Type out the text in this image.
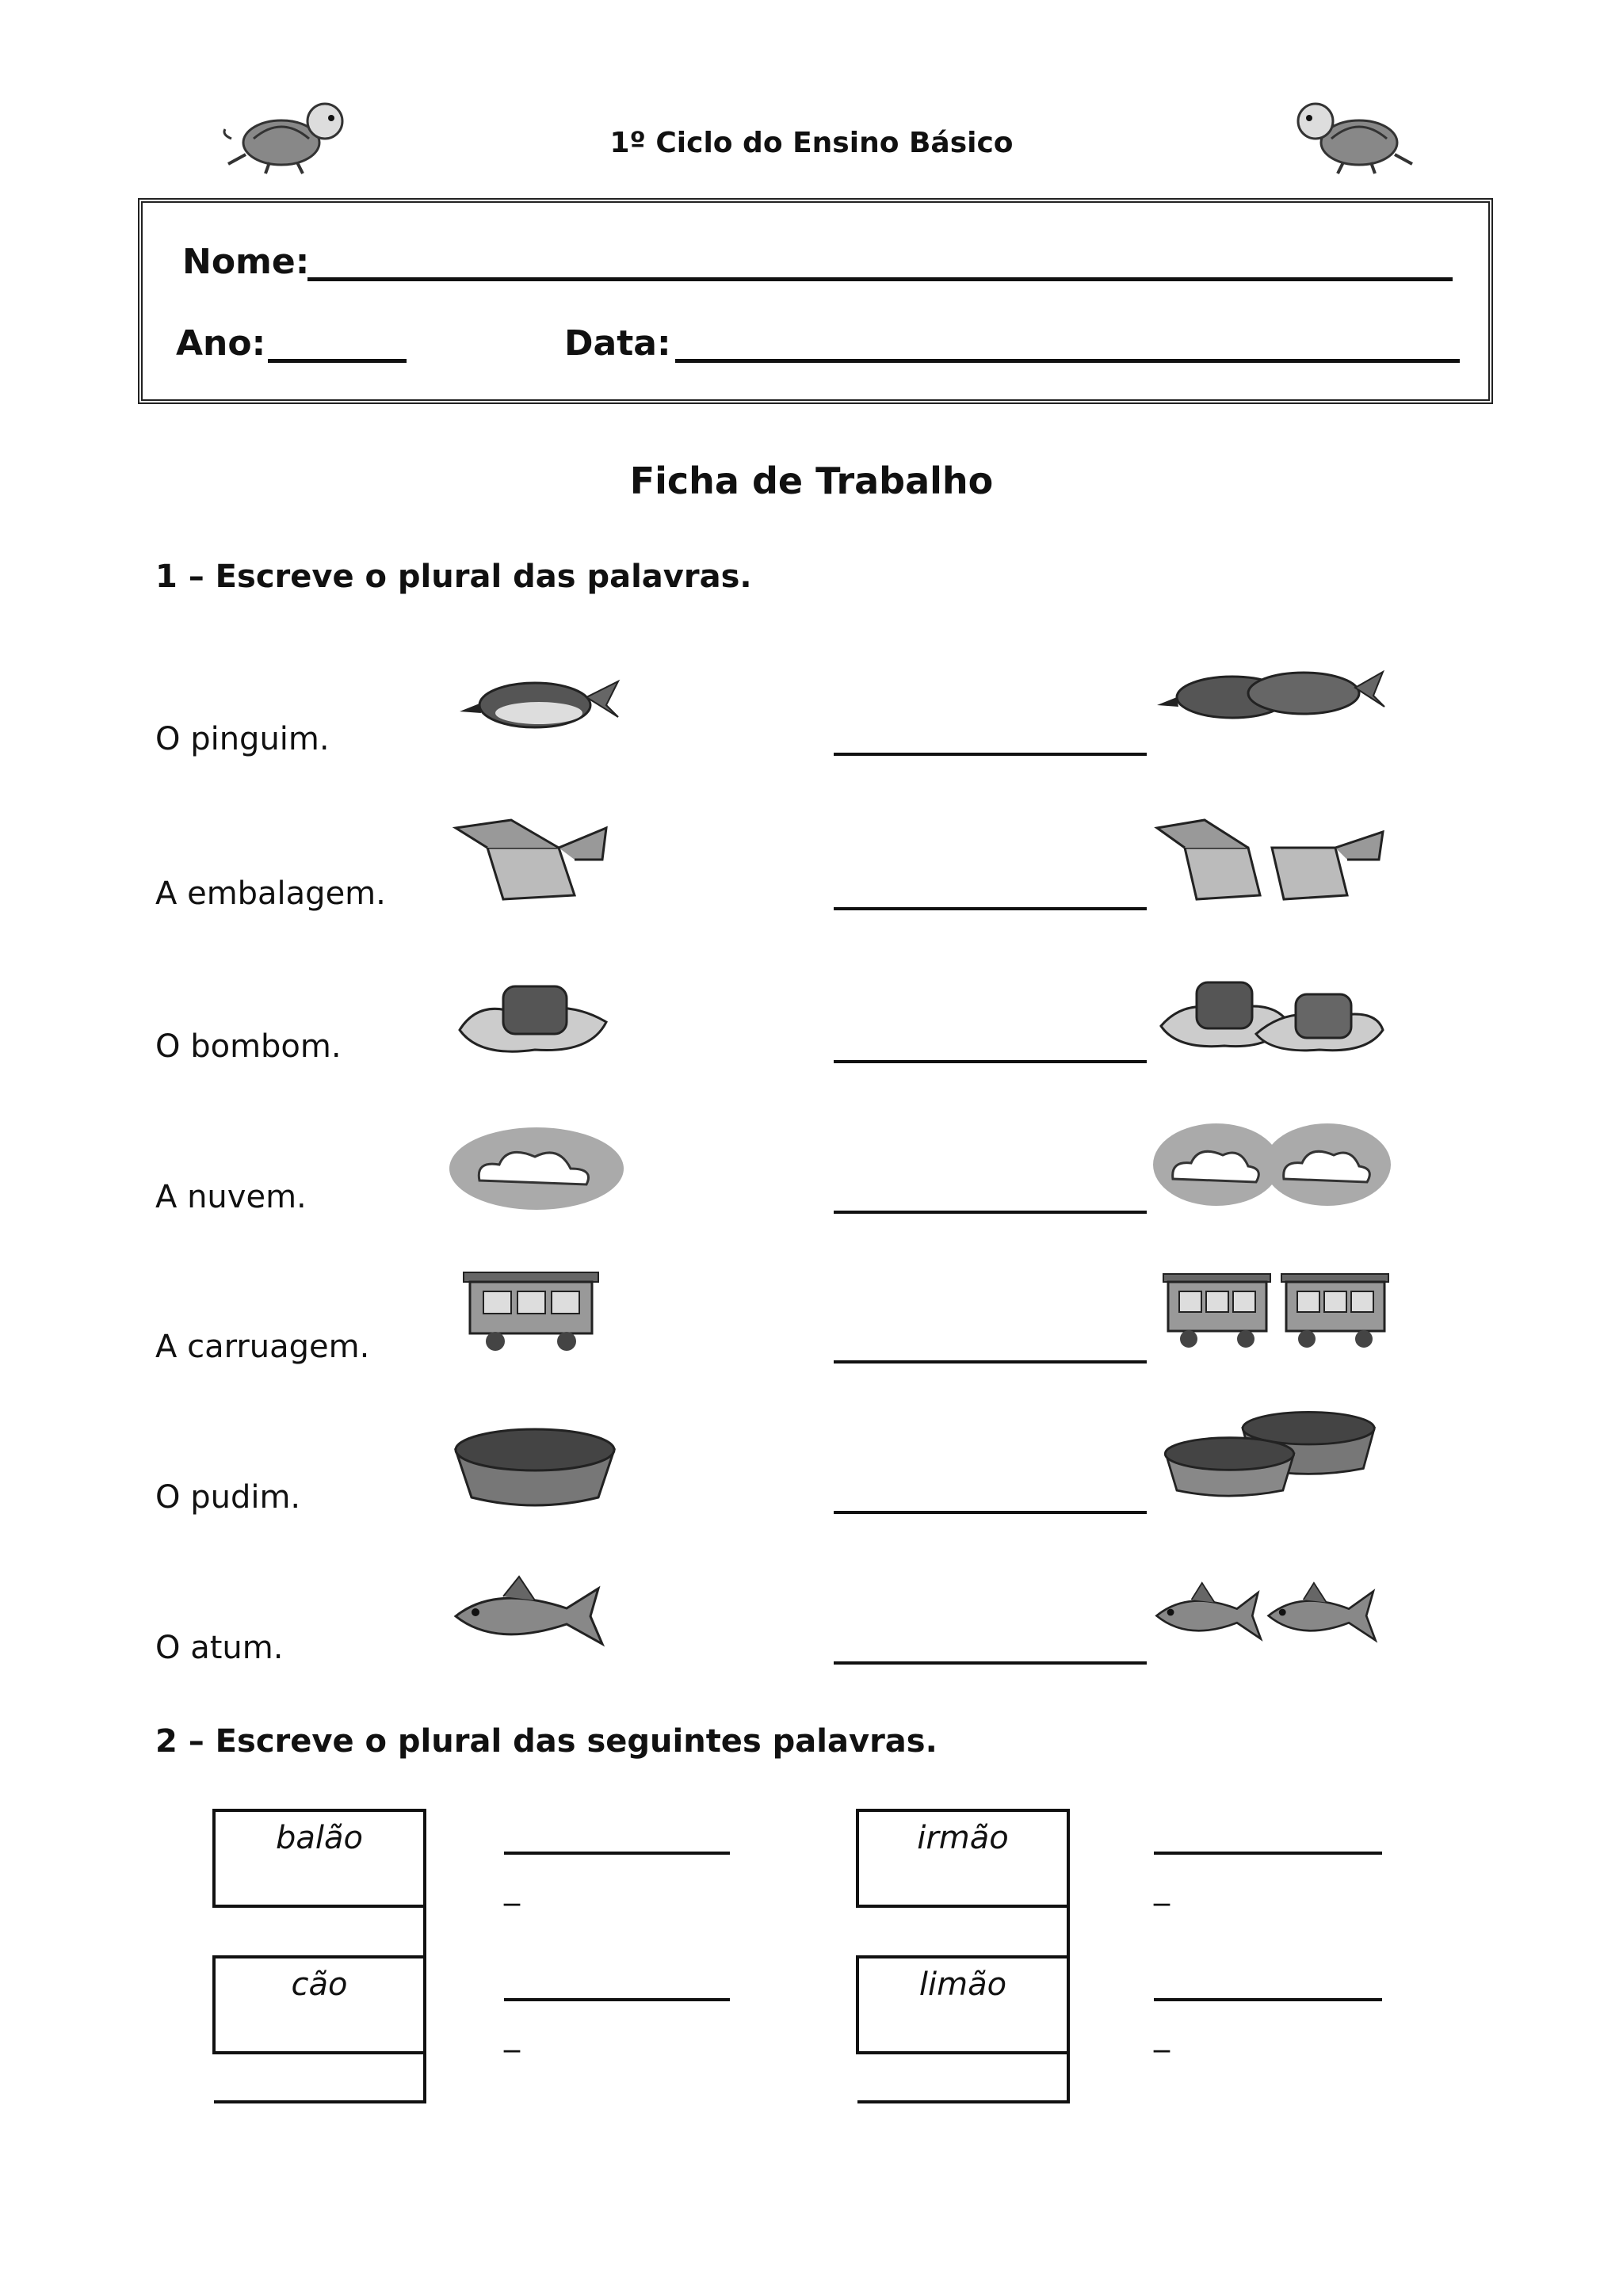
1º Ciclo do Ensino Básico
Nome:
Ano:	Data:
Ficha de Trabalho
1 – Escreve o plural das palavras.
O pinguim.
A embalagem.
O bombom.
A nuvem.
A carruagem.
O pudim.
O atum.
2 – Escreve o plural das seguintes palavras.
balão
cão
_
_
irmão
limão
_
_
